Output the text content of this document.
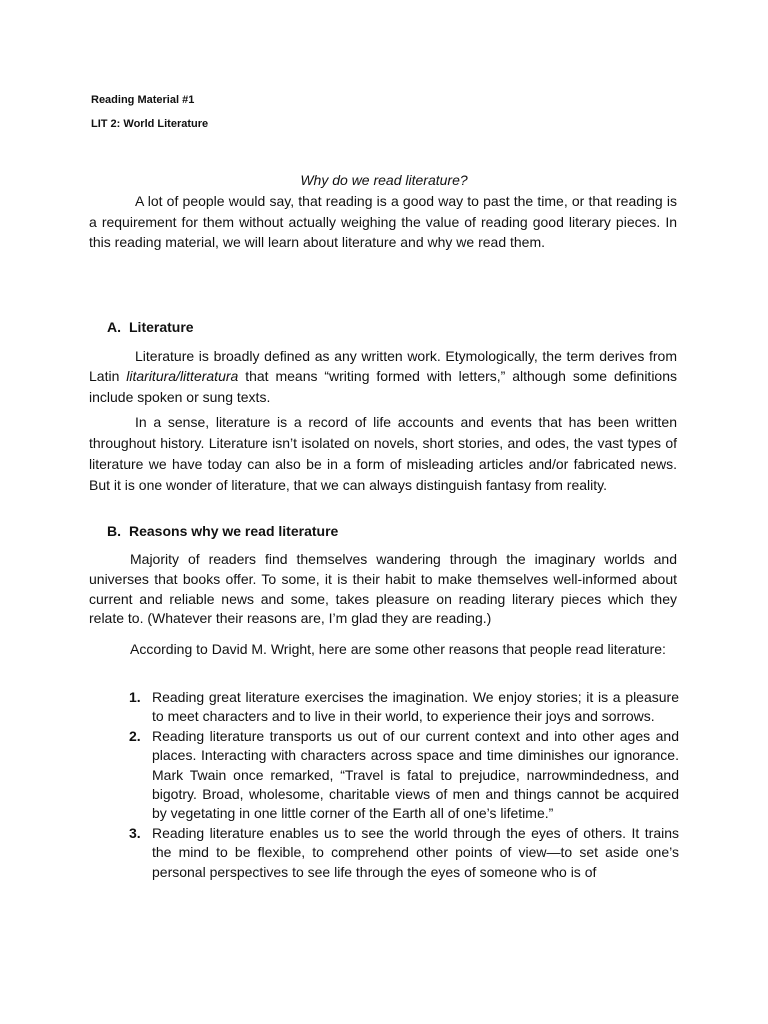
Reading Material #1
LIT 2: World Literature
Why do we read literature?

A lot of people would say, that reading is a good way to past the time, or that reading is a requirement for them without actually weighing the value of reading good literary pieces. In this reading material, we will learn about literature and why we read them.

A. Literature

Literature is broadly defined as any written work. Etymologically, the term derives from Latin litaritura/litteratura that means “writing formed with letters,” although some definitions include spoken or sung texts.

In a sense, literature is a record of life accounts and events that has been written throughout history. Literature isn’t isolated on novels, short stories, and odes, the vast types of literature we have today can also be in a form of misleading articles and/or fabricated news. But it is one wonder of literature, that we can always distinguish fantasy from reality.

B. Reasons why we read literature

Majority of readers find themselves wandering through the imaginary worlds and universes that books offer. To some, it is their habit to make themselves well-informed about current and reliable news and some, takes pleasure on reading literary pieces which they relate to. (Whatever their reasons are, I’m glad they are reading.)

According to David M. Wright, here are some other reasons that people read literature:

1. Reading great literature exercises the imagination. We enjoy stories; it is a pleasure to meet characters and to live in their world, to experience their joys and sorrows.
2. Reading literature transports us out of our current context and into other ages and places. Interacting with characters across space and time diminishes our ignorance. Mark Twain once remarked, “Travel is fatal to prejudice, narrowmindedness, and bigotry. Broad, wholesome, charitable views of men and things cannot be acquired by vegetating in one little corner of the Earth all of one’s lifetime.”
3. Reading literature enables us to see the world through the eyes of others. It trains the mind to be flexible, to comprehend other points of view—to set aside one’s personal perspectives to see life through the eyes of someone who is of
